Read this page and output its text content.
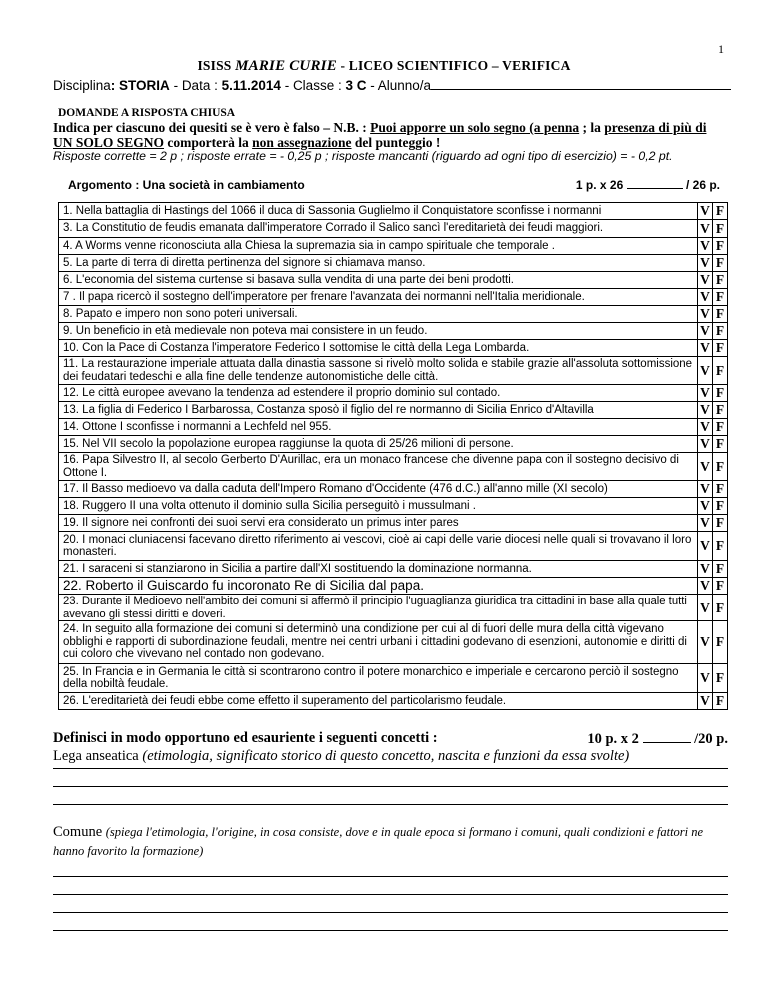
1
ISISS MARIE CURIE - LICEO SCIENTIFICO – VERIFICA
Disciplina: STORIA - Data : 5.11.2014 - Classe : 3 C - Alunno/a
DOMANDE A RISPOSTA CHIUSA
Indica per ciascuno dei quesiti se è vero è falso – N.B. : Puoi apporre un solo segno (a penna ; la presenza di più di UN SOLO SEGNO comporterà la non assegnazione del punteggio !
Risposte corrette = 2 p ; risposte errate = - 0,25 p ; risposte mancanti (riguardo ad ogni tipo di esercizio) = - 0,2 pt.
Argomento : Una società in cambiamento	1 p. x 26	/ 26 p.
1. Nella battaglia di Hastings del 1066 il duca di Sassonia Guglielmo il Conquistatore sconfisse i normanni	V	F
3. La Constitutio de feudis emanata dall'imperatore Corrado il Salico sancì l'ereditarietà dei feudi maggiori.	V	F
4. A Worms venne riconosciuta alla Chiesa la supremazia sia in campo spirituale che temporale .	V	F
5. La parte di terra di diretta pertinenza del signore si chiamava manso.	V	F
6. L'economia del sistema curtense si basava sulla vendita di una parte dei beni prodotti.	V	F
7 . Il papa ricercò il sostegno dell'imperatore per frenare l'avanzata dei normanni nell'Italia meridionale.	V	F
8. Papato e impero non sono poteri universali.	V	F
9. Un beneficio in età medievale non poteva mai consistere in un feudo.	V	F
10. Con la Pace di Costanza l'imperatore Federico I sottomise le città della Lega Lombarda.	V	F
11. La restaurazione imperiale attuata dalla dinastia sassone si rivelò molto solida e stabile grazie all'assoluta sottomissione dei feudatari tedeschi e alla fine delle tendenze autonomistiche delle città.	V	F
12. Le città europee avevano la tendenza ad estendere il proprio dominio sul contado.	V	F
13. La figlia di Federico I Barbarossa, Costanza sposò il figlio del re normanno di Sicilia Enrico d'Altavilla	V	F
14. Ottone I sconfisse i normanni a Lechfeld nel 955.	V	F
15. Nel VII secolo la popolazione europea raggiunse la quota di 25/26 milioni di persone.	V	F
16. Papa Silvestro II, al secolo Gerberto D'Aurillac, era un monaco francese che divenne papa con il sostegno decisivo di Ottone I.	V	F
17. Il Basso medioevo va dalla caduta dell'Impero Romano d'Occidente (476 d.C.) all'anno mille (XI secolo)	V	F
18. Ruggero II una volta ottenuto il dominio sulla Sicilia perseguitò i mussulmani .	V	F
19. Il signore nei confronti dei suoi servi era considerato un primus inter pares	V	F
20. I monaci cluniacensi facevano diretto riferimento ai vescovi, cioè ai capi delle varie diocesi nelle quali si trovavano il loro monasteri.	V	F
21. I saraceni si stanziarono in Sicilia a partire dall'XI sostituendo la dominazione normanna.	V	F
22. Roberto il Guiscardo fu incoronato Re di Sicilia dal papa.	V	F
23. Durante il Medioevo nell'ambito dei comuni si affermò il principio l'uguaglianza giuridica tra cittadini in base alla quale tutti avevano gli stessi diritti e doveri.	V	F
24. In seguito alla formazione dei comuni si determinò una condizione per cui al di fuori delle mura della città vigevano obblighi e rapporti di subordinazione feudali, mentre nei centri urbani i cittadini godevano di esenzioni, autonomie e diritti di cui coloro che vivevano nel contado non godevano.	V	F
25. In Francia e in Germania le città si scontrarono contro il potere monarchico e imperiale e cercarono perciò il sostegno della nobiltà feudale.	V	F
26. L'ereditarietà dei feudi ebbe come effetto il superamento del particolarismo feudale.	V	F
Definisci in modo opportuno ed esauriente i seguenti concetti :	10 p. x 2	/20 p.
Lega anseatica (etimologia, significato storico di questo concetto, nascita e funzioni da essa svolte)
Comune (spiega l'etimologia, l'origine, in cosa consiste, dove e in quale epoca si formano i comuni, quali condizioni e fattori ne hanno favorito la formazione)
